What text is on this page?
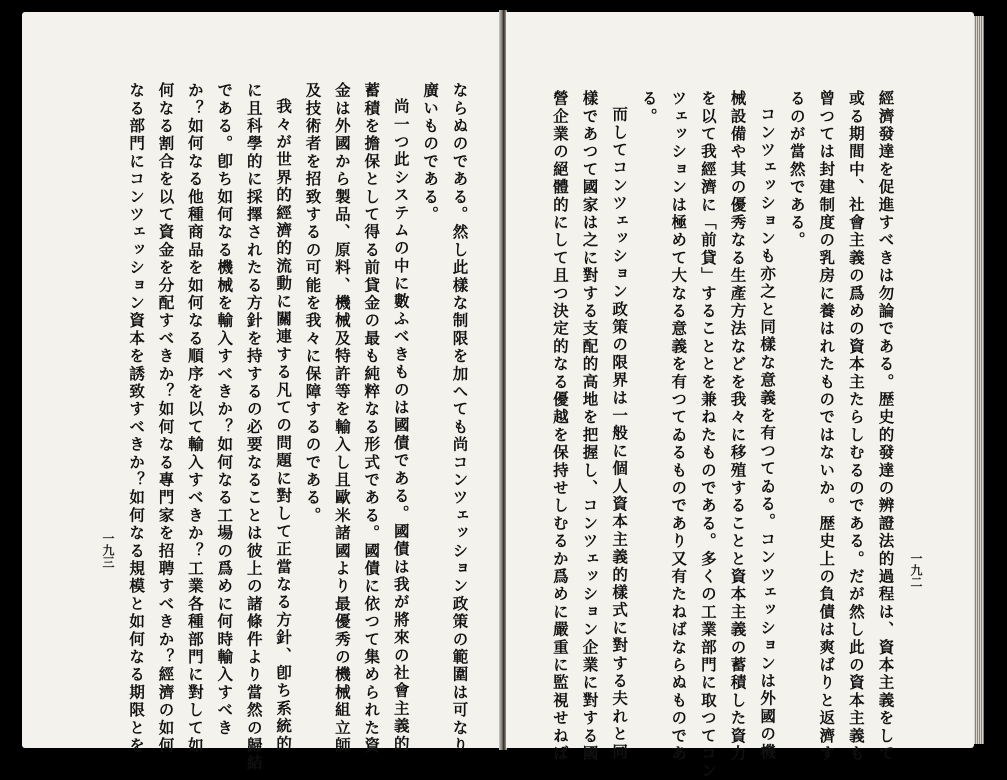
ならぬのである。然し此樣な制限を加へても尚コンツェッション政策の範圍は可なり
廣いものである。
尚一つ此システムの中に數ふべきものは國債である。國債は我が將來の社會主義的
蓄積を擔保として得る前貸金の最も純粹なる形式である。國債に依つて集められた資
金は外國から製品、原料、機械及特許等を輸入し且歐米諸國より最優秀の機械組立師
及技術者を招致するの可能を我々に保障するのである。
我々が世界的經濟的流動に關連する凡ての問題に對して正當なる方針、卽ち系統的
に且科學的に採擇されたる方針を持するの必要なることは彼上の諸條件より當然の歸結
である。卽ち如何なる機械を輸入すべきか？如何なる工場の爲めに何時輸入すべき
か？如何なる他種商品を如何なる順序を以て輸入すべきか？工業各種部門に對して如
何なる割合を以て資金を分配すべきか？如何なる專門家を招聘すべきか？經濟の如何
なる部門にコンツェッション資本を誘致すべきか？如何なる規模と如何なる期限とを
一九三	經濟發達を促進すべきは勿論である。歴史的發達の辨證法的過程は、資本主義をして
或る期間中、社會主義の爲めの資本主たらしむるのである。だが然し此の資本主義も
曾つては封建制度の乳房に養はれたものではないか。歴史上の負債は爽ばりと返濟す
るのが當然である。
コンツェッションも亦之と同樣な意義を有つてゐる。コンツェッションは外國の機
械設備や其の優秀なる生產方法などを我々に移殖することと資本主義の蓄積した資力
を以て我經濟に「前貸」することとを兼ねたものである。多くの工業部門に取つてコン
ツェッションは極めて大なる意義を有つてゐるものであり又有たねばならぬものであ
る。
而してコンツェッション政策の限界は一般に個人資本主義的樣式に對する夫れと同
樣であつて國家は之に對する支配的高地を把握し、コンツェッション企業に對する國
營企業の絕體的にして且つ決定的なる優越を保持せしむるか爲めに嚴重に監視せねば	一九二
